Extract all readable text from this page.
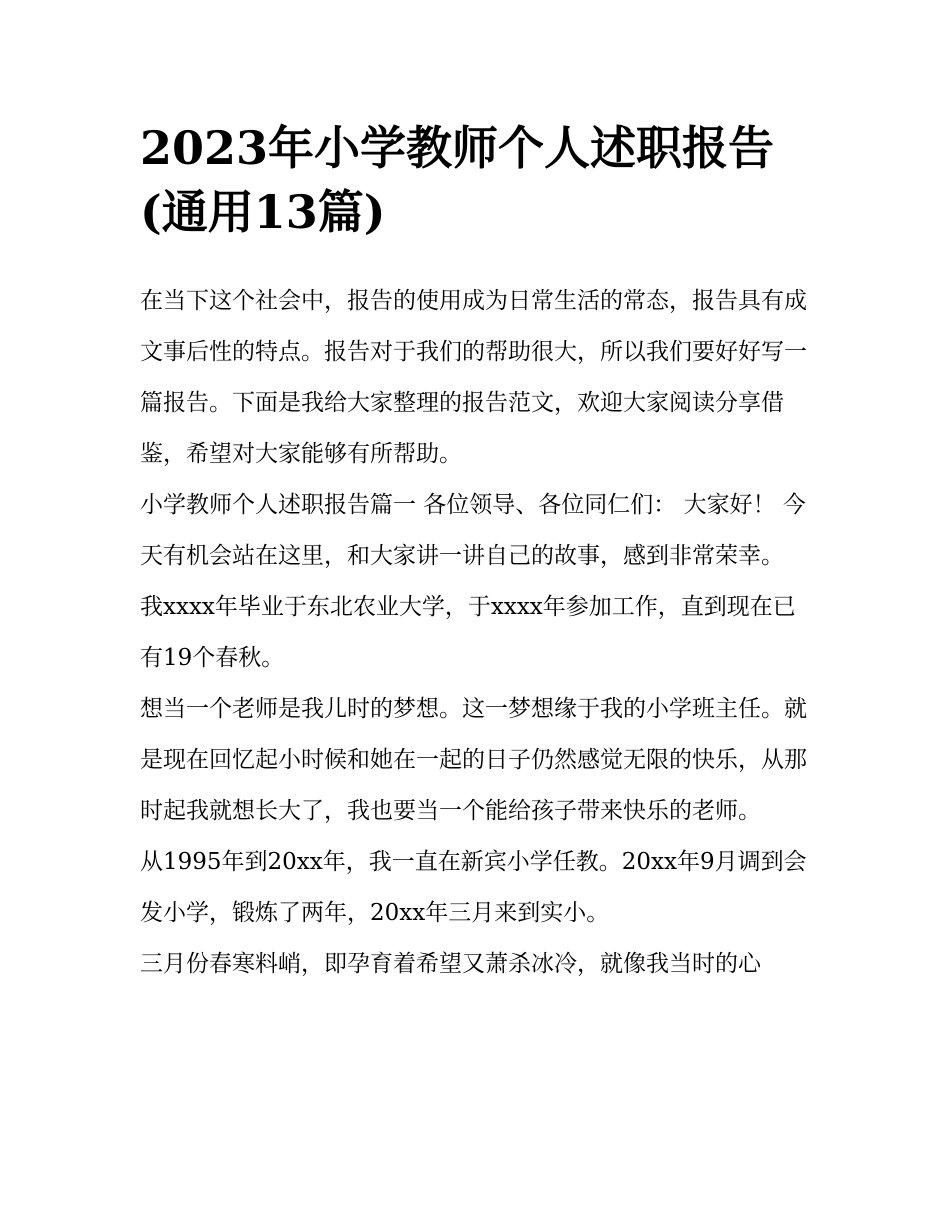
2023年小学教师个人述职报告(通用13篇)

在当下这个社会中，报告的使用成为日常生活的常态，报告具有成文事后性的特点。报告对于我们的帮助很大，所以我们要好好写一篇报告。下面是我给大家整理的报告范文，欢迎大家阅读分享借鉴，希望对大家能够有所帮助。

小学教师个人述职报告篇一 各位领导、各位同仁们： 大家好！ 今天有机会站在这里，和大家讲一讲自己的故事，感到非常荣幸。

我xxxx年毕业于东北农业大学，于xxxx年参加工作，直到现在已有19个春秋。

想当一个老师是我儿时的梦想。这一梦想缘于我的小学班主任。就是现在回忆起小时候和她在一起的日子仍然感觉无限的快乐，从那时起我就想长大了，我也要当一个能给孩子带来快乐的老师。

从1995年到20xx年，我一直在新宾小学任教。20xx年9月调到会发小学，锻炼了两年，20xx年三月来到实小。

三月份春寒料峭，即孕育着希望又萧杀冰冷，就像我当时的心
